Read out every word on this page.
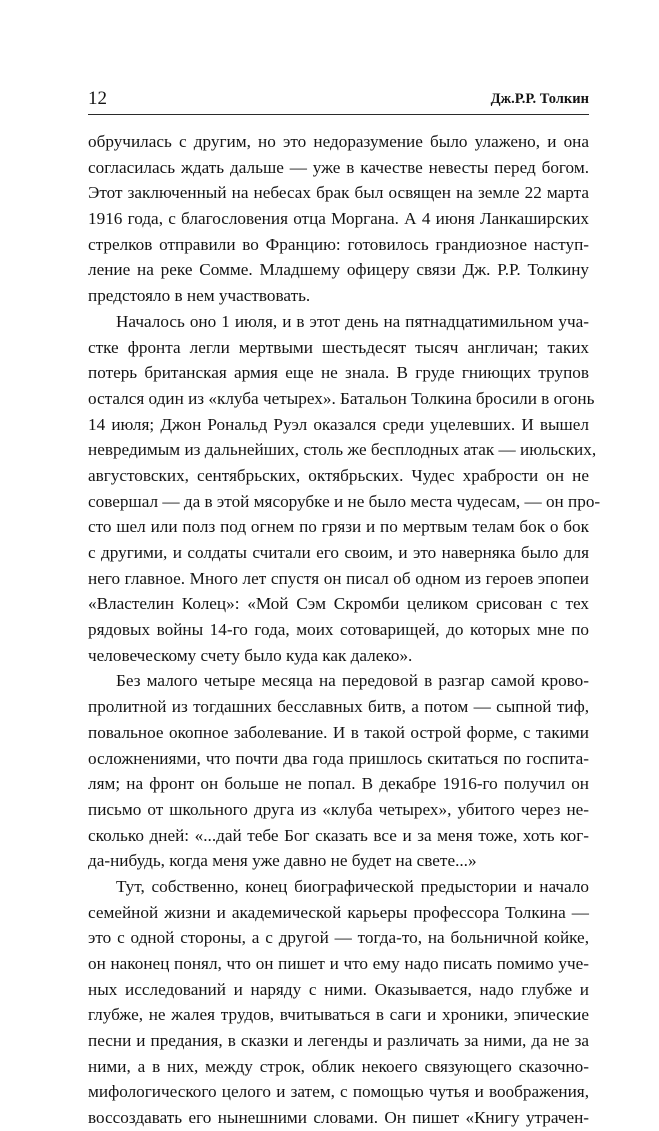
12	Дж.Р.Р. Толкин
обручилась с другим, но это недоразумение было улажено, и она
согласилась ждать дальше — уже в качестве невесты перед богом.
Этот заключенный на небесах брак был освящен на земле 22 марта
1916 года, с благословения отца Моргана. А 4 июня Ланкаширских
стрелков отправили во Францию: готовилось грандиозное наступ-
ление на реке Сомме. Младшему офицеру связи Дж. Р.Р. Толкину
предстояло в нем участвовать.
Началось оно 1 июля, и в этот день на пятнадцатимильном уча-
стке фронта легли мертвыми шестьдесят тысяч англичан; таких
потерь британская армия еще не знала. В груде гниющих трупов
остался один из «клуба четырех». Батальон Толкина бросили в огонь
14 июля; Джон Рональд Руэл оказался среди уцелевших. И вышел
невредимым из дальнейших, столь же бесплодных атак — июльских,
августовских, сентябрьских, октябрьских. Чудес храбрости он не
совершал — да в этой мясорубке и не было места чудесам, — он про-
сто шел или полз под огнем по грязи и по мертвым телам бок о бок
с другими, и солдаты считали его своим, и это наверняка было для
него главное. Много лет спустя он писал об одном из героев эпопеи
«Властелин Колец»: «Мой Сэм Скромби целиком срисован с тех
рядовых войны 14-го года, моих сотоварищей, до которых мне по
человеческому счету было куда как далеко».
Без малого четыре месяца на передовой в разгар самой крово-
пролитной из тогдашних бесславных битв, а потом — сыпной тиф,
повальное окопное заболевание. И в такой острой форме, с такими
осложнениями, что почти два года пришлось скитаться по госпита-
лям; на фронт он больше не попал. В декабре 1916-го получил он
письмо от школьного друга из «клуба четырех», убитого через не-
сколько дней: «...дай тебе Бог сказать все и за меня тоже, хоть ког-
да-нибудь, когда меня уже давно не будет на свете...»
Тут, собственно, конец биографической предыстории и начало
семейной жизни и академической карьеры профессора Толкина —
это с одной стороны, а с другой — тогда-то, на больничной койке,
он наконец понял, что он пишет и что ему надо писать помимо уче-
ных исследований и наряду с ними. Оказывается, надо глубже и
глубже, не жалея трудов, вчитываться в саги и хроники, эпические
песни и предания, в сказки и легенды и различать за ними, да не за
ними, а в них, между строк, облик некоего связующего сказочно-
мифологического целого и затем, с помощью чутья и воображения,
воссоздавать его нынешними словами. Он пишет «Книгу утрачен-
